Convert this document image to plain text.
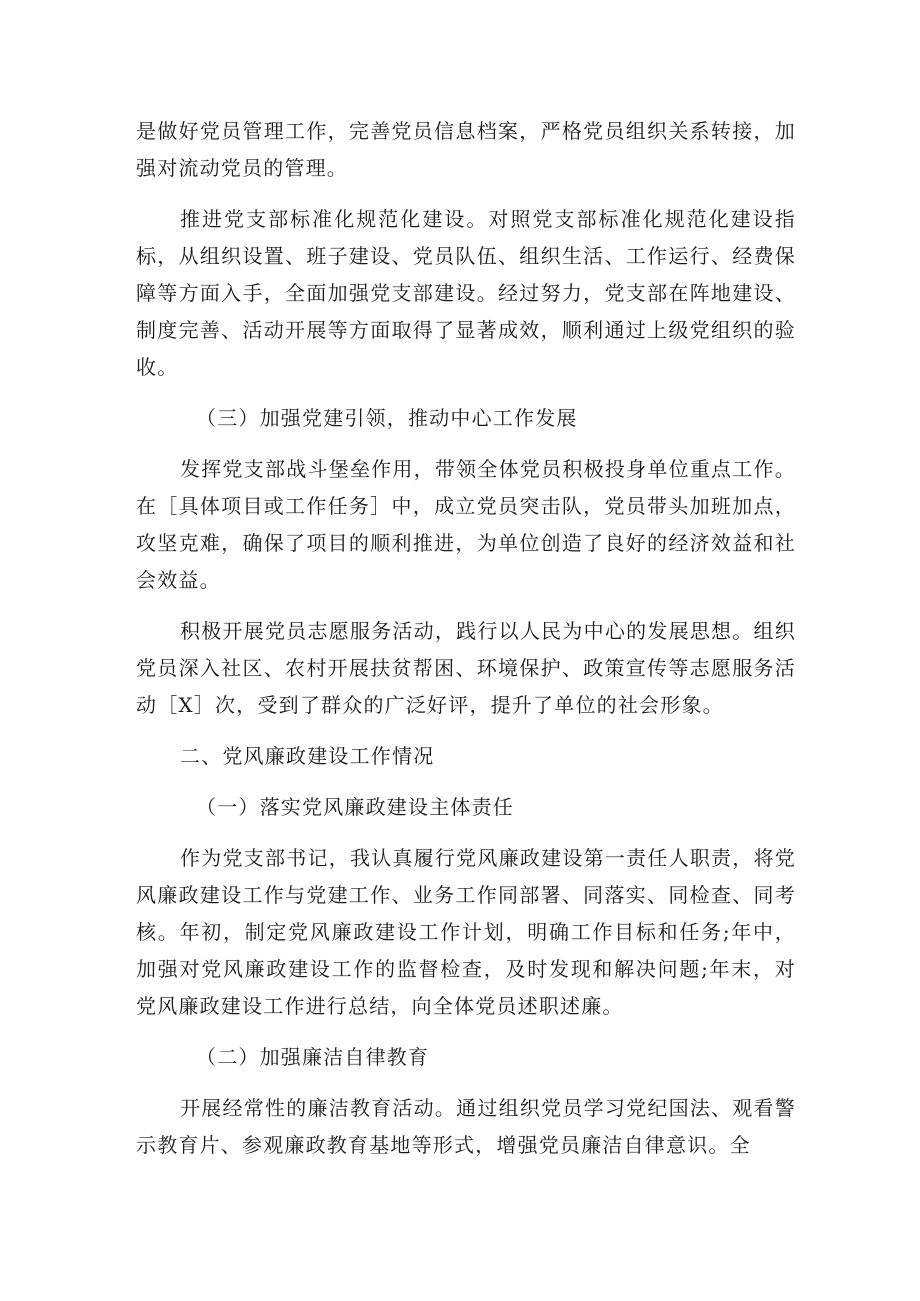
是做好党员管理工作，完善党员信息档案，严格党员组织关系转接，加强对流动党员的管理。

推进党支部标准化规范化建设。对照党支部标准化规范化建设指标，从组织设置、班子建设、党员队伍、组织生活、工作运行、经费保障等方面入手，全面加强党支部建设。经过努力，党支部在阵地建设、制度完善、活动开展等方面取得了显著成效，顺利通过上级党组织的验收。

（三）加强党建引领，推动中心工作发展

发挥党支部战斗堡垒作用，带领全体党员积极投身单位重点工作。在［具体项目或工作任务］中，成立党员突击队，党员带头加班加点，攻坚克难，确保了项目的顺利推进，为单位创造了良好的经济效益和社会效益。

积极开展党员志愿服务活动，践行以人民为中心的发展思想。组织党员深入社区、农村开展扶贫帮困、环境保护、政策宣传等志愿服务活动［X］次，受到了群众的广泛好评，提升了单位的社会形象。

二、党风廉政建设工作情况

（一）落实党风廉政建设主体责任

作为党支部书记，我认真履行党风廉政建设第一责任人职责，将党风廉政建设工作与党建工作、业务工作同部署、同落实、同检查、同考核。年初，制定党风廉政建设工作计划，明确工作目标和任务;年中，加强对党风廉政建设工作的监督检查，及时发现和解决问题;年末，对党风廉政建设工作进行总结，向全体党员述职述廉。

（二）加强廉洁自律教育

开展经常性的廉洁教育活动。通过组织党员学习党纪国法、观看警示教育片、参观廉政教育基地等形式，增强党员廉洁自律意识。全
